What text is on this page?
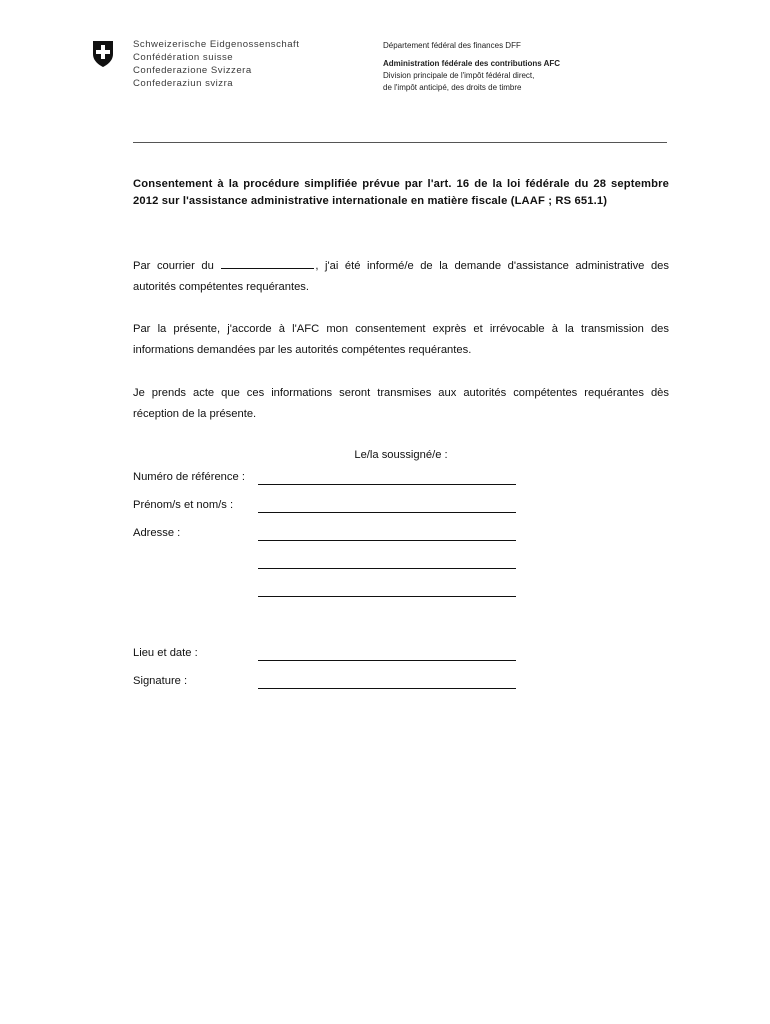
Schweizerische Eidgenossenschaft
Confédération suisse
Confederazione Svizzera
Confederaziun svizra
Département fédéral des finances DFF
Administration fédérale des contributions AFC
Division principale de l'impôt fédéral direct,
de l'impôt anticipé, des droits de timbre
Consentement à la procédure simplifiée prévue par l'art. 16 de la loi fédérale du 28 septembre 2012 sur l'assistance administrative internationale en matière fiscale (LAAF ; RS 651.1)
Par courrier du	, j'ai été informé/e de la demande d'assistance administrative des autorités compétentes requérantes.
Par la présente, j'accorde à l'AFC mon consentement exprès et irrévocable à la transmission des informations demandées par les autorités compétentes requérantes.
Je prends acte que ces informations seront transmises aux autorités compétentes requérantes dès réception de la présente.
Le/la soussigné/e :
Numéro de référence :
Prénom/s et nom/s :
Adresse :
Lieu et date :
Signature :
